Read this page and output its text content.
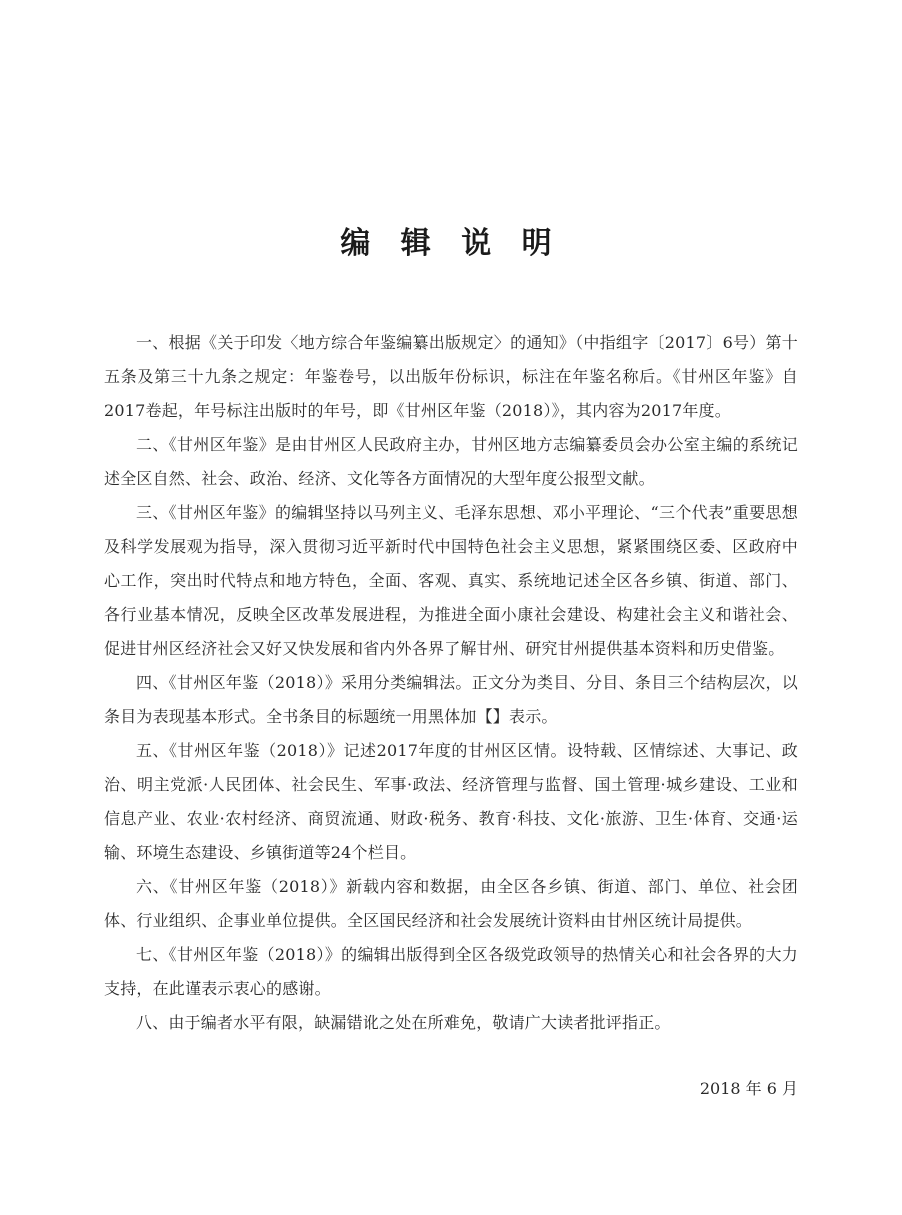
编 辑 说 明

一、根据《关于印发〈地方综合年鉴编纂出版规定〉的通知》（中指组字〔2017〕6号）第十五条及第三十九条之规定：年鉴卷号，以出版年份标识，标注在年鉴名称后。《甘州区年鉴》自2017卷起，年号标注出版时的年号，即《甘州区年鉴（2018）》，其内容为2017年度。

二、《甘州区年鉴》是由甘州区人民政府主办，甘州区地方志编纂委员会办公室主编的系统记述全区自然、社会、政治、经济、文化等各方面情况的大型年度公报型文献。

三、《甘州区年鉴》的编辑坚持以马列主义、毛泽东思想、邓小平理论、“三个代表”重要思想及科学发展观为指导，深入贯彻习近平新时代中国特色社会主义思想，紧紧围绕区委、区政府中心工作，突出时代特点和地方特色，全面、客观、真实、系统地记述全区各乡镇、街道、部门、各行业基本情况，反映全区改革发展进程，为推进全面小康社会建设、构建社会主义和谐社会、促进甘州区经济社会又好又快发展和省内外各界了解甘州、研究甘州提供基本资料和历史借鉴。

四、《甘州区年鉴（2018）》采用分类编辑法。正文分为类目、分目、条目三个结构层次，以条目为表现基本形式。全书条目的标题统一用黑体加【】表示。

五、《甘州区年鉴（2018）》记述2017年度的甘州区区情。设特载、区情综述、大事记、政治、明主党派·人民团体、社会民生、军事·政法、经济管理与监督、国土管理·城乡建设、工业和信息产业、农业·农村经济、商贸流通、财政·税务、教育·科技、文化·旅游、卫生·体育、交通·运输、环境生态建设、乡镇街道等24个栏目。

六、《甘州区年鉴（2018）》新载内容和数据，由全区各乡镇、街道、部门、单位、社会团体、行业组织、企事业单位提供。全区国民经济和社会发展统计资料由甘州区统计局提供。

七、《甘州区年鉴（2018）》的编辑出版得到全区各级党政领导的热情关心和社会各界的大力支持，在此谨表示衷心的感谢。

八、由于编者水平有限，缺漏错讹之处在所难免，敬请广大读者批评指正。

2018 年 6 月
